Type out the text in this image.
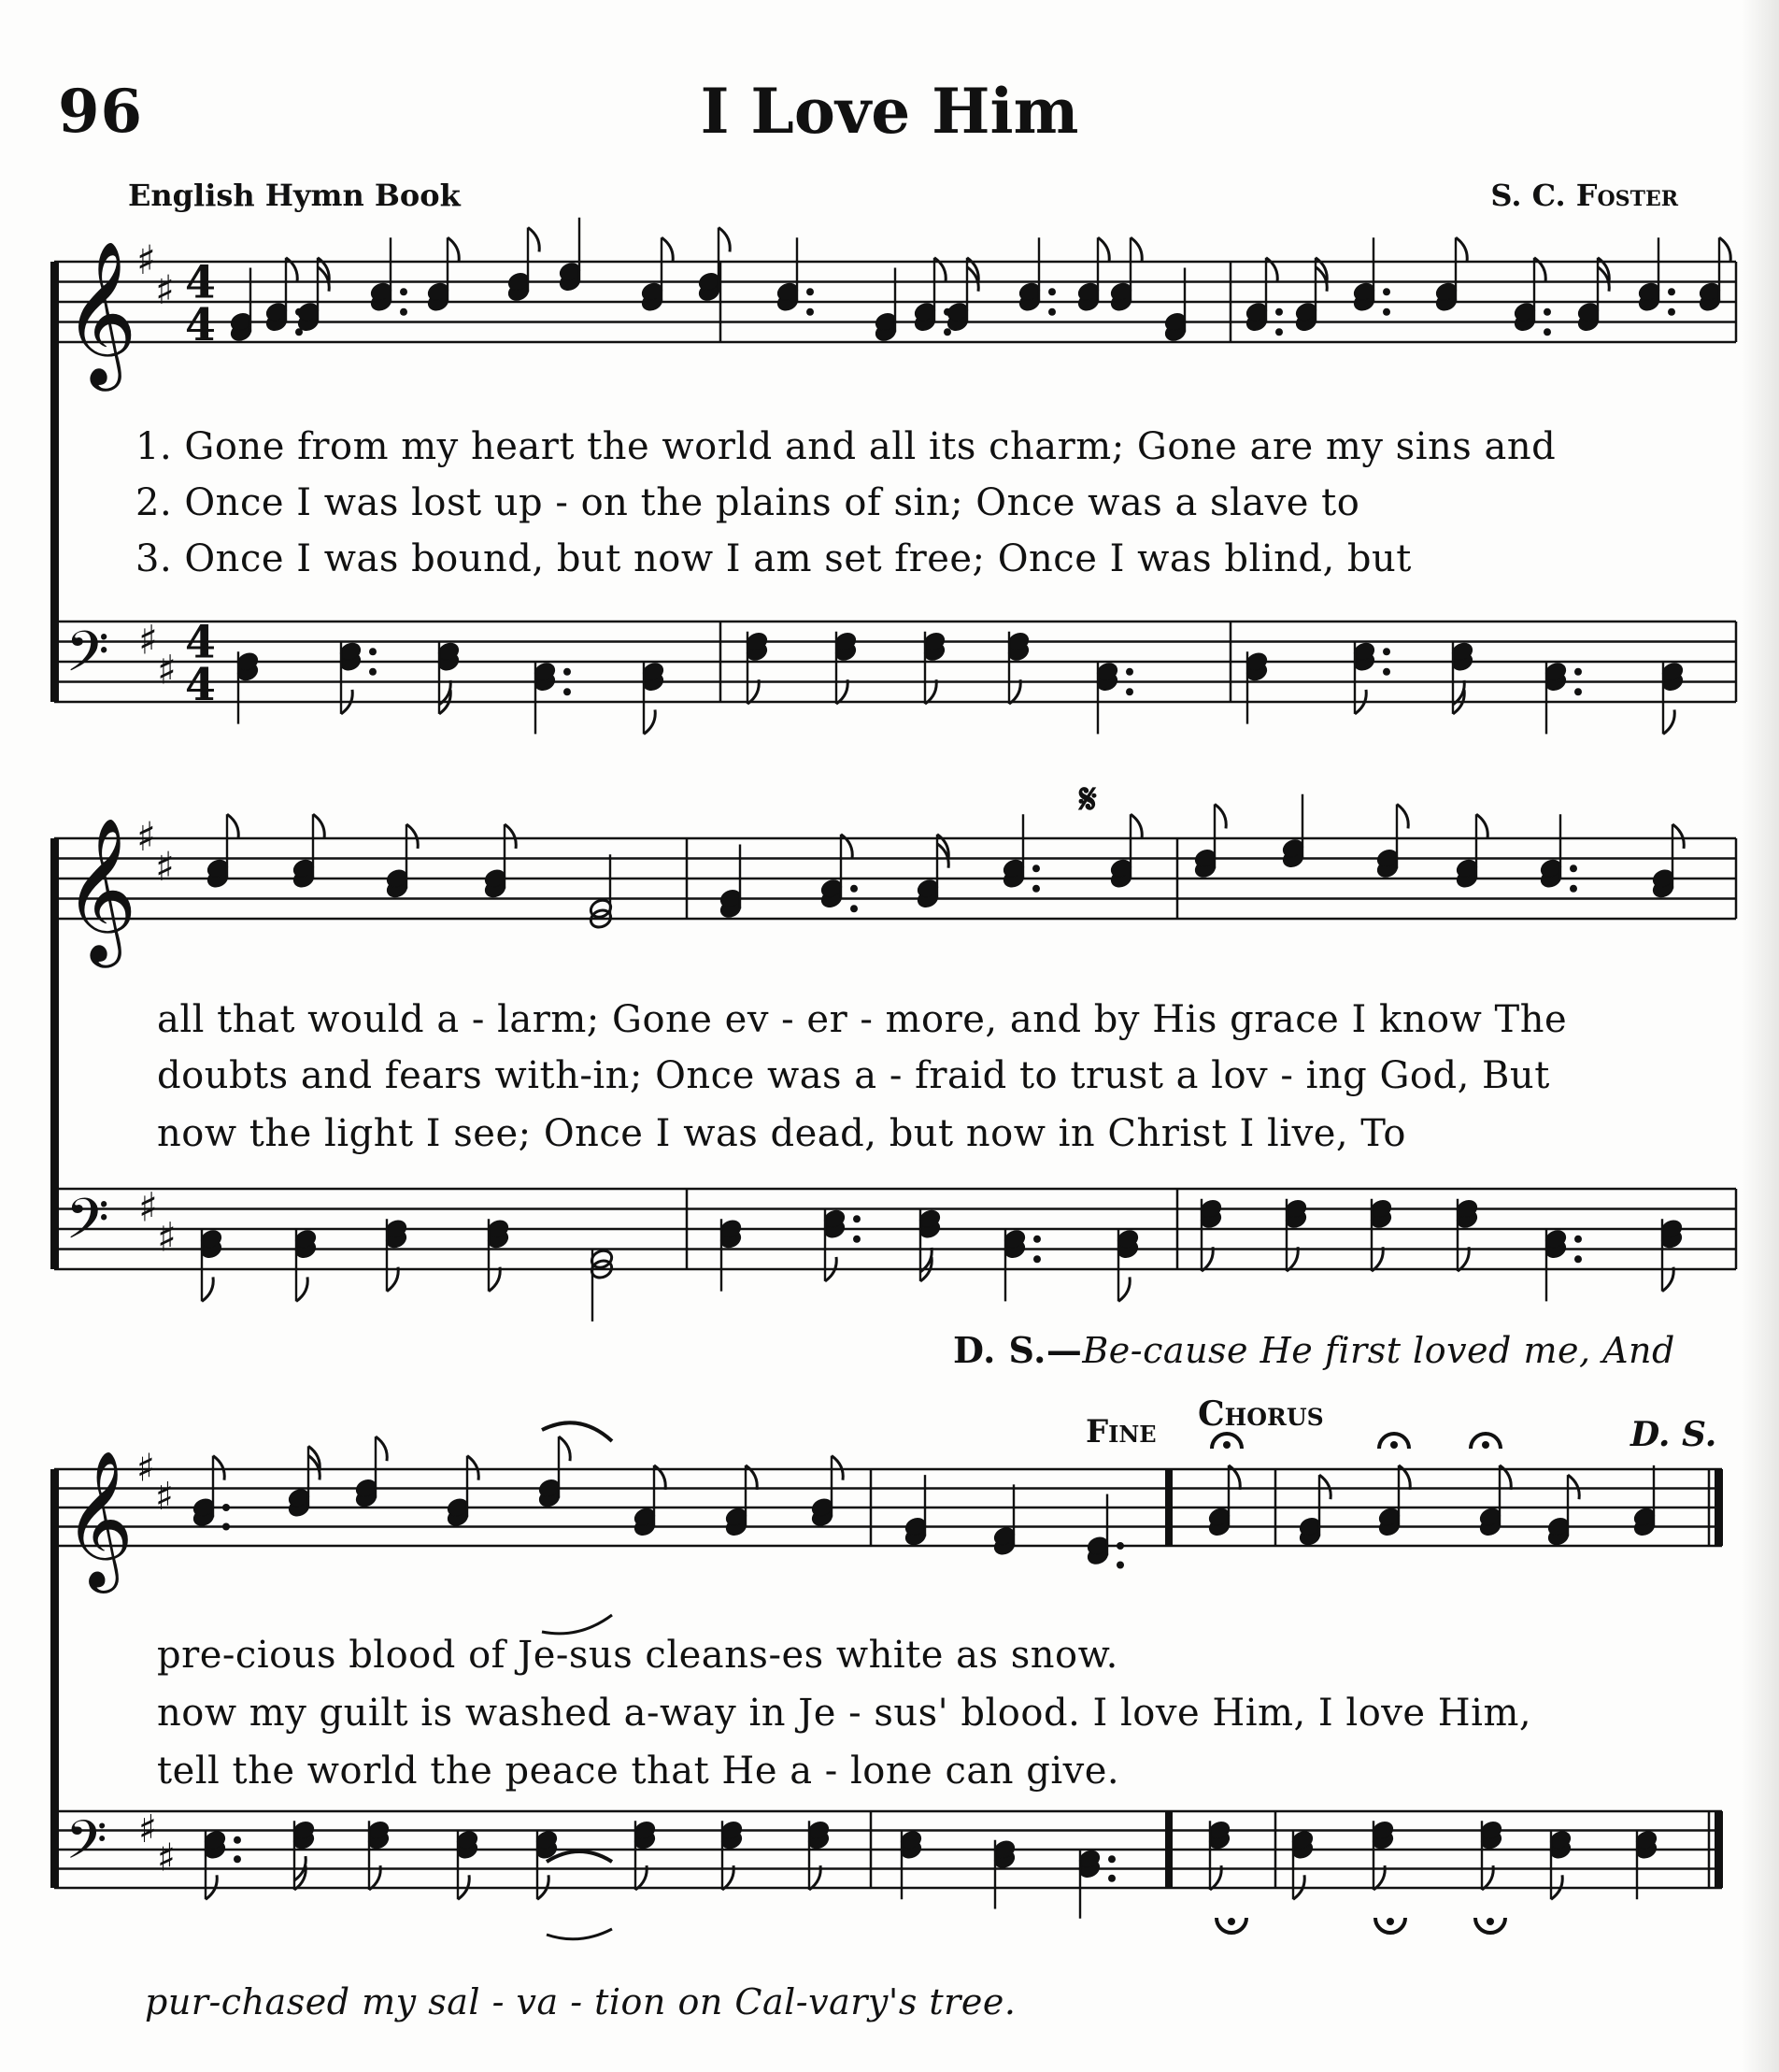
𝄞
𝄢
♯
♯
♯
♯
4
4
4
4
𝄞
𝄢
♯
♯
♯
♯
𝄞
𝄢
♯
♯
♯
♯
96	I Love Him
English Hymn Book	S. C. Foster
1. Gone from my heart the world and all its charm; Gone are my sins and
2. Once I was lost up - on the plains of sin; Once was a slave to
3. Once I was bound, but now I am set free; Once I was blind, but
𝄋
all that would a - larm; Gone ev - er - more, and by His grace I know The
doubts and fears with-in; Once was a - fraid to trust a lov - ing God, But
now the light I see; Once I was dead, but now in Christ I live, To
D. S.—Be-cause He first loved me, And
Fine Chorus
D. S.
pre-cious blood of Je-sus cleans-es white as snow.
now my guilt is washed a-way in Je - sus' blood. I love Him, I love Him,
tell the world the peace that He a - lone can give.
pur-chased my sal - va - tion on Cal-vary's tree.
